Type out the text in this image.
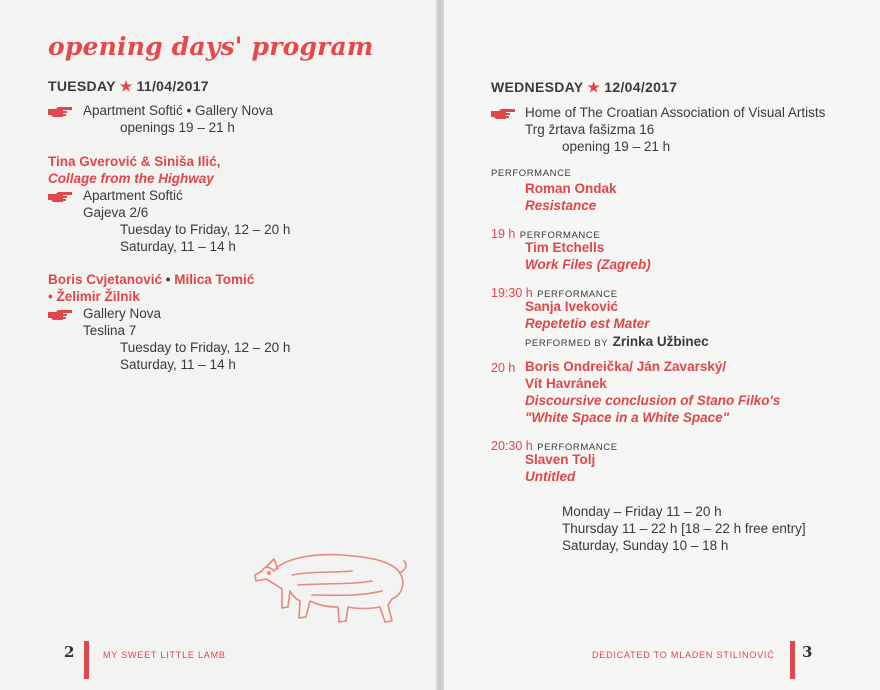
opening days' program
TUESDAY ★ 11/04/2017
Apartment Softić • Gallery Nova
openings 19 – 21 h
Tina Gverović & Siniša Ilić,
Collage from the Highway
Apartment Softić
Gajeva 2/6
Tuesday to Friday, 12 – 20 h
Saturday, 11 – 14 h
Boris Cvjetanović • Milica Tomić
• Želimir Žilnik
Gallery Nova
Teslina 7
Tuesday to Friday, 12 – 20 h
Saturday, 11 – 14 h
2	MY SWEET LITTLE LAMB
WEDNESDAY ★ 12/04/2017
Home of The Croatian Association of Visual Artists
Trg žrtava fašizma 16
opening 19 – 21 h
PERFORMANCE
Roman Ondak
Resistance
19 h PERFORMANCE
Tim Etchells
Work Files (Zagreb)
19:30 h PERFORMANCE
Sanja Iveković
Repetetio est Mater
PERFORMED BY Zrinka Užbinec
20 h Boris Ondreička/ Ján Zavarský/
Vít Havránek
Discoursive conclusion of Stano Filko's
"White Space in a White Space"
20:30 h PERFORMANCE
Slaven Tolj
Untitled
Monday – Friday 11 – 20 h
Thursday 11 – 22 h [18 – 22 h free entry]
Saturday, Sunday 10 – 18 h
DEDICATED TO MLADEN STILINOVIĆ 3
